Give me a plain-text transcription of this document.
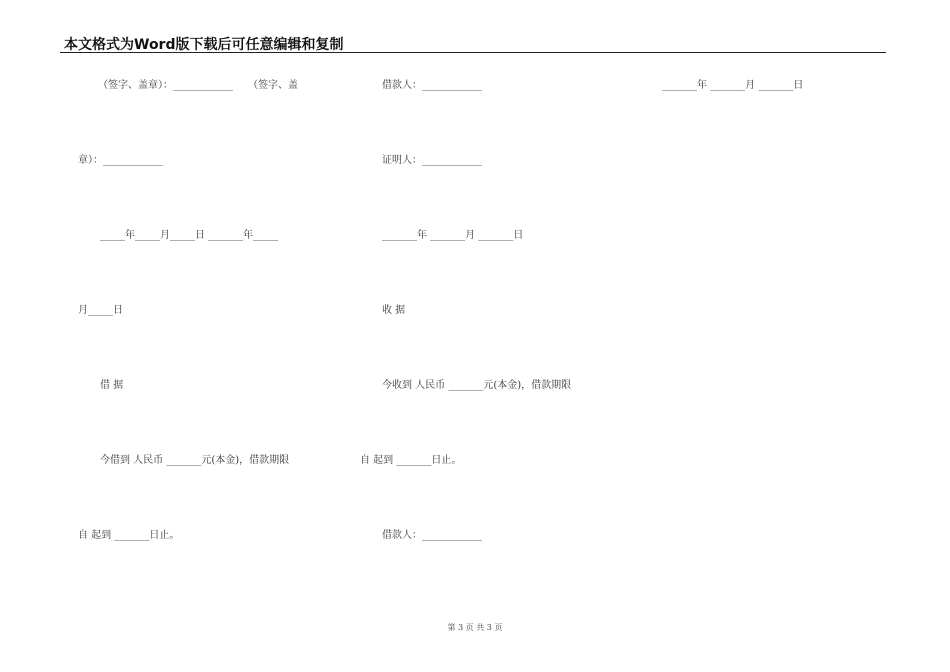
本文格式为Word版下载后可任意编辑和复制
（签字、盖章）：____________　　（签字、盖	借款人：____________	_______年 _______月 _______日
章）：____________	证明人：____________
_____年_____月_____日 _______年_____	_______年 _______月 _______日
月_____日	收 据
借 据	今收到 人民币 _______元(本金)，借款期限
今借到 人民币 _______元(本金)，借款期限	自 起到 _______日止。
自 起到 _______日止。	借款人：____________
第 3 页 共 3 页
